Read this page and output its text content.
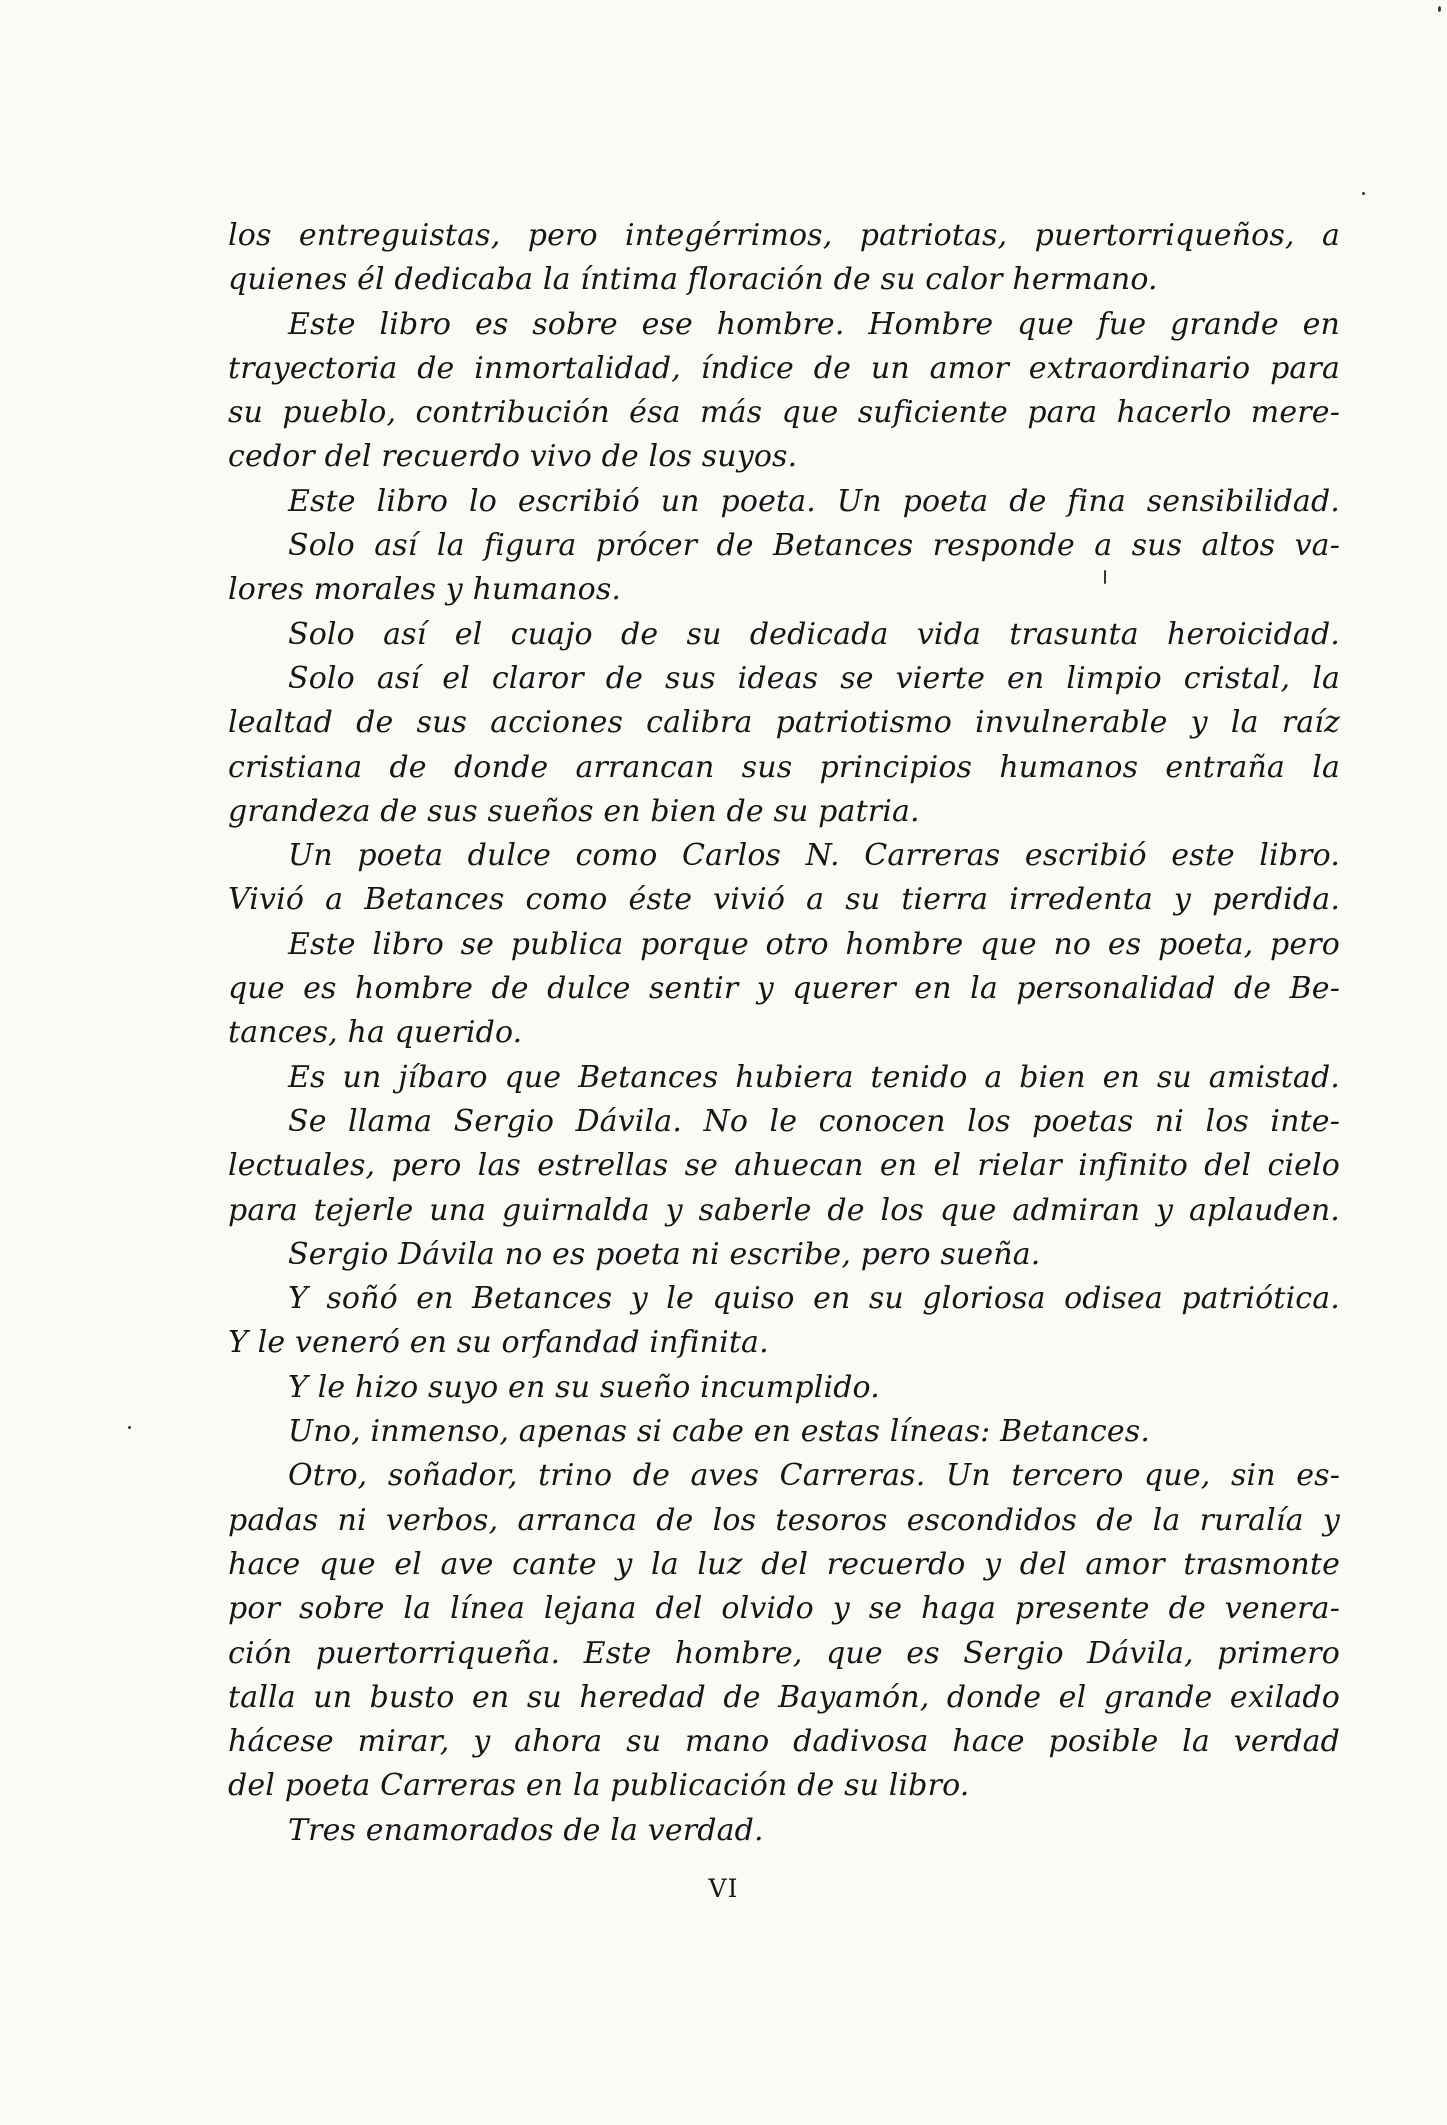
los entreguistas, pero integérrimos, patriotas, puertorriqueños, a
quienes él dedicaba la íntima floración de su calor hermano.
Este libro es sobre ese hombre. Hombre que fue grande en
trayectoria de inmortalidad, índice de un amor extraordinario para
su pueblo, contribución ésa más que suficiente para hacerlo mere-
cedor del recuerdo vivo de los suyos.
Este libro lo escribió un poeta. Un poeta de fina sensibilidad.
Solo así la figura prócer de Betances responde a sus altos va-
lores morales y humanos.
Solo así el cuajo de su dedicada vida trasunta heroicidad.
Solo así el claror de sus ideas se vierte en limpio cristal, la
lealtad de sus acciones calibra patriotismo invulnerable y la raíz
cristiana de donde arrancan sus principios humanos entraña la
grandeza de sus sueños en bien de su patria.
Un poeta dulce como Carlos N. Carreras escribió este libro.
Vivió a Betances como éste vivió a su tierra irredenta y perdida.
Este libro se publica porque otro hombre que no es poeta, pero
que es hombre de dulce sentir y querer en la personalidad de Be-
tances, ha querido.
Es un jíbaro que Betances hubiera tenido a bien en su amistad.
Se llama Sergio Dávila. No le conocen los poetas ni los inte-
lectuales, pero las estrellas se ahuecan en el rielar infinito del cielo
para tejerle una guirnalda y saberle de los que admiran y aplauden.
Sergio Dávila no es poeta ni escribe, pero sueña.
Y soñó en Betances y le quiso en su gloriosa odisea patriótica.
Y le veneró en su orfandad infinita.
Y le hizo suyo en su sueño incumplido.
Uno, inmenso, apenas si cabe en estas líneas: Betances.
Otro, soñador, trino de aves Carreras. Un tercero que, sin es-
padas ni verbos, arranca de los tesoros escondidos de la ruralía y
hace que el ave cante y la luz del recuerdo y del amor trasmonte
por sobre la línea lejana del olvido y se haga presente de venera-
ción puertorriqueña. Este hombre, que es Sergio Dávila, primero
talla un busto en su heredad de Bayamón, donde el grande exilado
hácese mirar, y ahora su mano dadivosa hace posible la verdad
del poeta Carreras en la publicación de su libro.
Tres enamorados de la verdad.
VI
